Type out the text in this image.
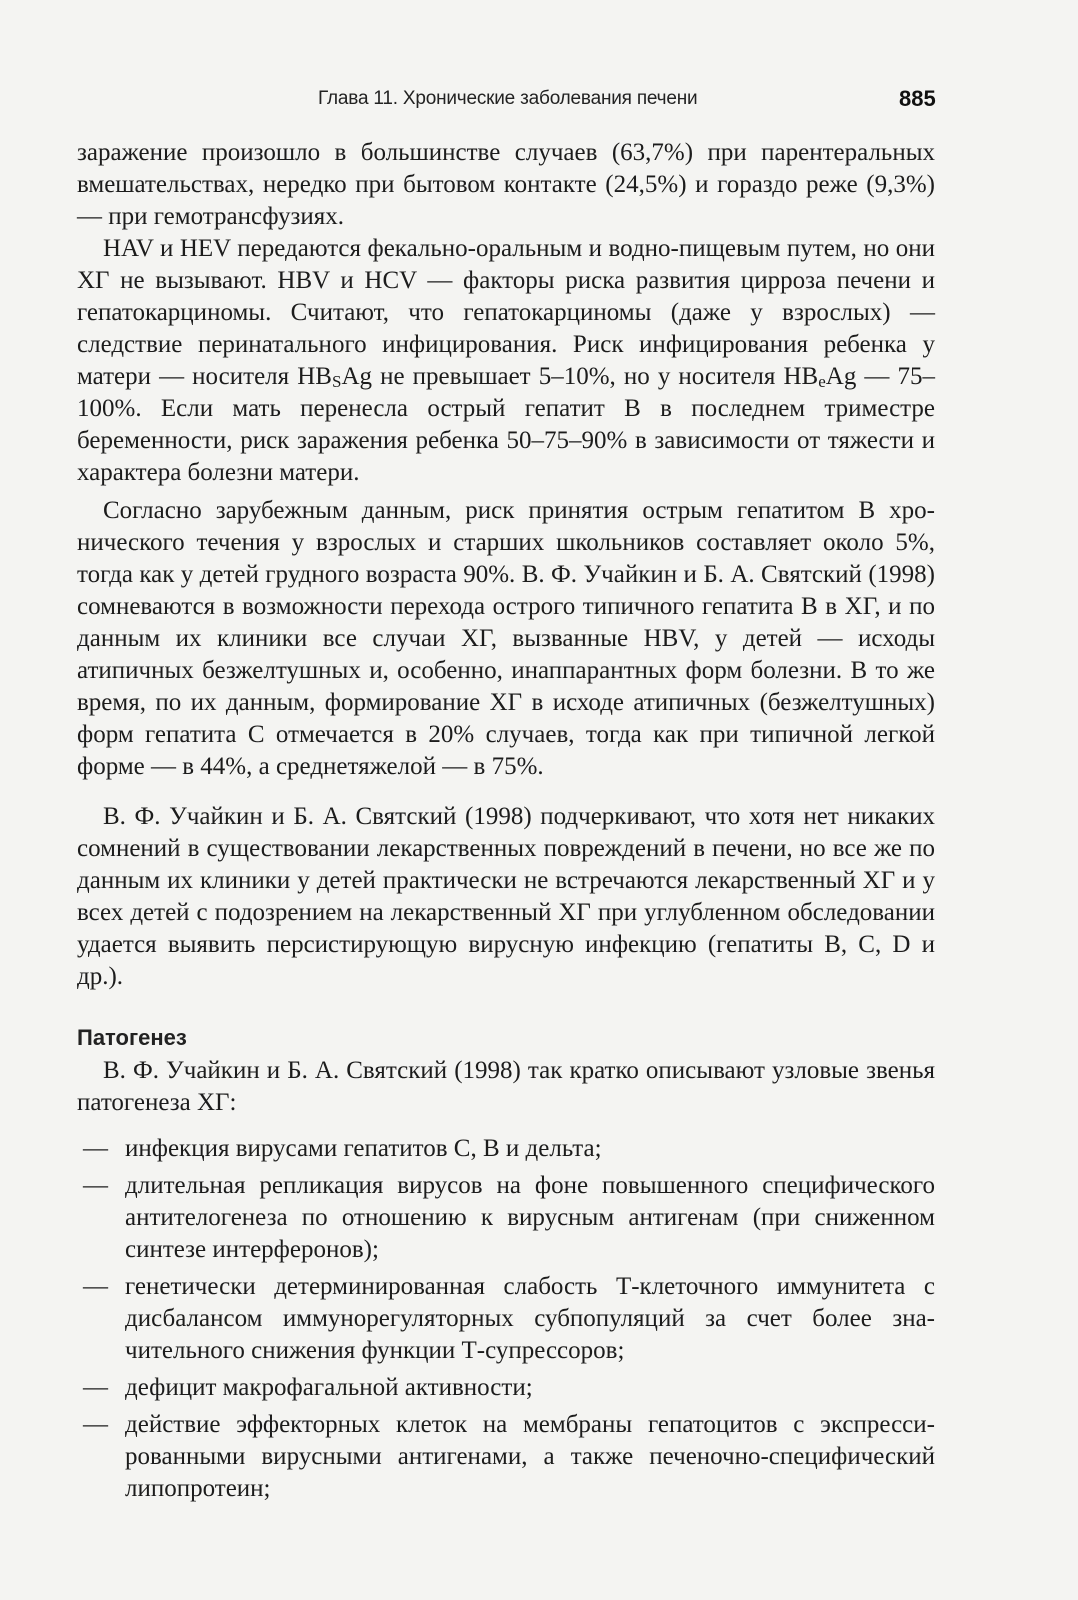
Глава 11. Хронические заболевания печени	885

заражение произошло в большинстве случаев (63,7%) при парентеральных вмешательствах, нередко при бытовом контакте (24,5%) и гораздо реже (9,3%) — при гемотрансфузиях.

HAV и HEV передаются фекально-оральным и водно-пищевым путем, но они ХГ не вызывают. HBV и HCV — факторы риска развития цирроза печени и гепатокарциномы. Считают, что гепатокарциномы (даже у взрослых) — следствие перинатального инфицирования. Риск инфицирования ребенка у матери — носителя $HB_SAg$ не превышает 5–10%, но у носителя $HB_eAg$ — 75–100%. Если мать перенесла острый гепатит В в последнем триместре беременности, риск заражения ребенка 50–75–90% в зависимости от тяжести и характера болезни матери.

Согласно зарубежным данным, риск принятия острым гепатитом В хронического течения у взрослых и старших школьников составляет около 5%, тогда как у детей грудного возраста 90%. В. Ф. Учайкин и Б. А. Святский (1998) сомневаются в возможности перехода острого типичного гепатита В в ХГ, и по данным их клиники все случаи ХГ, вызванные HBV, у детей — исходы атипичных безжелтушных и, особенно, инаппарантных форм болезни. В то же время, по их данным, формирование ХГ в исходе атипичных (безжелтушных) форм гепатита С отмечается в 20% случаев, тогда как при типичной легкой форме — в 44%, а среднетяжелой — в 75%.

В. Ф. Учайкин и Б. А. Святский (1998) подчеркивают, что хотя нет никаких сомнений в существовании лекарственных повреждений в печени, но все же по данным их клиники у детей практически не встречаются лекарственный ХГ и у всех детей с подозрением на лекарственный ХГ при углубленном обследовании удается выявить персистирующую вирусную инфекцию (гепатиты В, С, D и др.).

Патогенез

В. Ф. Учайкин и Б. А. Святский (1998) так кратко описывают узловые звенья патогенеза ХГ:

— инфекция вирусами гепатитов С, В и дельта;
— длительная репликация вирусов на фоне повышенного специфического антителогенеза по отношению к вирусным антигенам (при сниженном синтезе интерферонов);
— генетически детерминированная слабость Т-клеточного иммунитета с дисбалансом иммунорегуляторных субпопуляций за счет более значительного снижения функции Т-супрессоров;
— дефицит макрофагальной активности;
— действие эффекторных клеток на мембраны гепатоцитов с экспрессированными вирусными антигенами, а также печеночно-специфический липопротеин;
